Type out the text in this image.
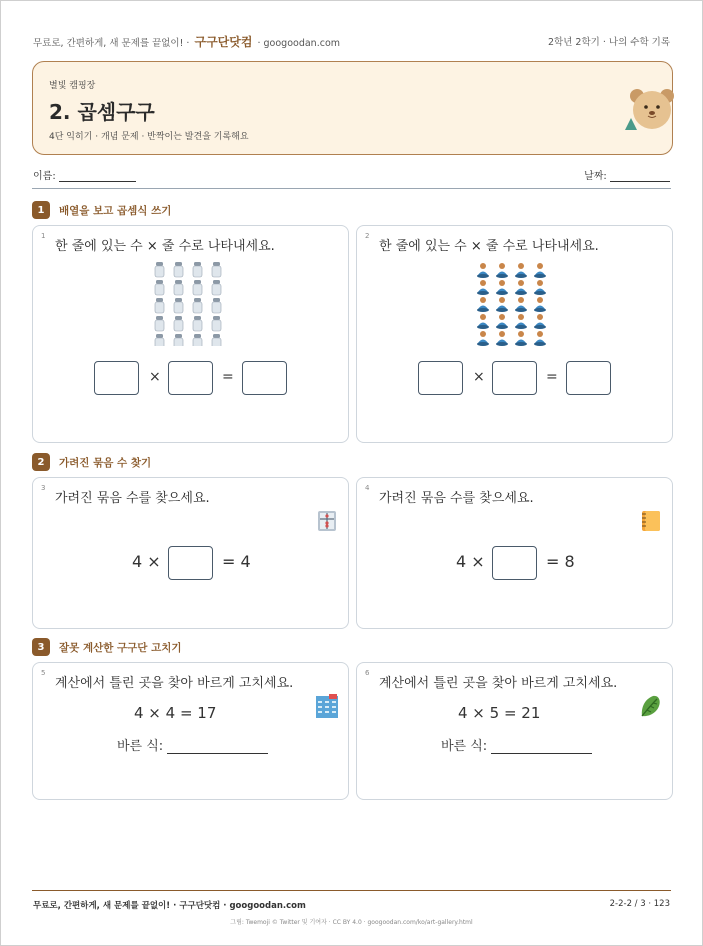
무료로, 간편하게, 새 문제를 끝없이! · 구구단닷컴 · googoodan.com	2학년 2학기 · 나의 수학 기록
별빛 캠핑장
2. 곱셈구구
4단 익히기 · 개념 문제 · 반짝이는 발견을 기록해요
이름:	날짜:
1	배열을 보고 곱셈식 쓰기
1
한 줄에 있는 수 × 줄 수로 나타내세요.
×	=
2
한 줄에 있는 수 × 줄 수로 나타내세요.
×	=
2	가려진 묶음 수 찾기
3
가려진 묶음 수를 찾으세요.
4 ×	= 4
4
가려진 묶음 수를 찾으세요.
4 ×	= 8
3	잘못 계산한 구구단 고치기
5
계산에서 틀린 곳을 찾아 바르게 고치세요.
4 × 4 = 17
바른 식:
6
계산에서 틀린 곳을 찾아 바르게 고치세요.
4 × 5 = 21
바른 식:
무료로, 간편하게, 새 문제를 끝없이! · 구구단닷컴 · googoodan.com	2-2-2 / 3 · 123
그림: Twemoji © Twitter 및 기여자 · CC BY 4.0 · googoodan.com/ko/art-gallery.html
